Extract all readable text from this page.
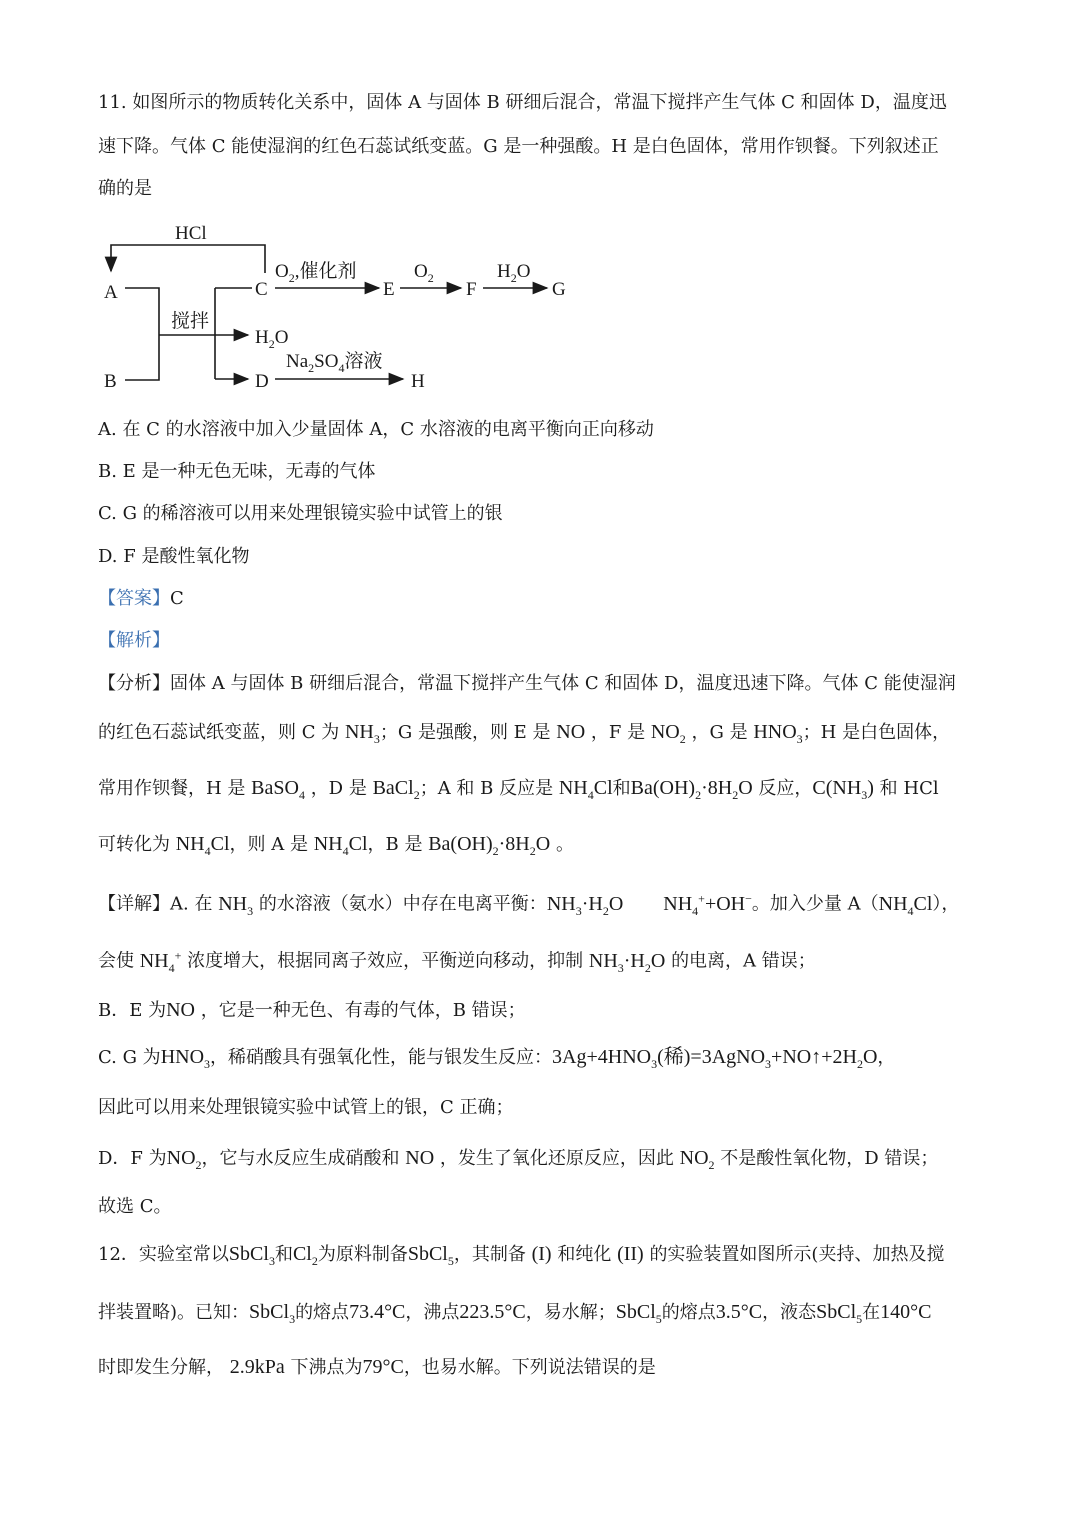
11. 如图所示的物质转化关系中，固体 A 与固体 B 研细后混合，常温下搅拌产生气体 C 和固体 D，温度迅
速下降。气体 C 能使湿润的红色石蕊试纸变蓝。G 是一种强酸。H 是白色固体，常用作钡餐。下列叙述正
确的是
HCl
A
B
搅拌
C
$O_2$,催化剂
E
$O_2$
F
$H_2O$
G
$H_2O$
D
$Na_2SO_4$溶液
H
A. 在 C 的水溶液中加入少量固体 A，C 水溶液的电离平衡向正向移动
B. E 是一种无色无味，无毒的气体
C. G 的稀溶液可以用来处理银镜实验中试管上的银
D. F 是酸性氧化物
【答案】C
【解析】
【分析】固体 A 与固体 B 研细后混合，常温下搅拌产生气体 C 和固体 D，温度迅速下降。气体 C 能使湿润
的红色石蕊试纸变蓝，则 C 为 $NH_3$；G 是强酸，则 E 是 NO ，F 是 $NO_2$ ，G 是 $HNO_3$；H 是白色固体，
常用作钡餐，H 是 BaSO$_4$ ，D 是 BaCl$_2$；A 和 B 反应是 $NH_4Cl$和$Ba(OH)_2\cdot 8H_2O$ 反应，$C(NH_3)$ 和 HCl
可转化为 $NH_4Cl$，则 A 是 $NH_4Cl$，B 是 $Ba(OH)_2\cdot 8H_2O$ 。
【详解】A. 在 $NH_3$ 的水溶液（氨水）中存在电离平衡：$NH_3\cdot H_2O$        $NH_4^++OH^-$。加入少量 $A(NH_4Cl)$，
会使 $NH_4^+$ 浓度增大，根据同离子效应，平衡逆向移动，抑制 $NH_3\cdot H_2O$ 的电离，A 错误；
B．E 为NO ，它是一种无色、有毒的气体，B 错误；
C. G 为$HNO_3$，稀硝酸具有强氧化性，能与银发生反应：$3Ag+4HNO_3$(稀)$=3AgNO_3+NO↑+2H_2O$，
因此可以用来处理银镜实验中试管上的银，C 正确；
D．F 为$NO_2$，它与水反应生成硝酸和 NO ，发生了氧化还原反应，因此 $NO_2$ 不是酸性氧化物，D 错误；
故选 C。
12．实验室常以SbCl$_3$和$Cl_2$为原料制备SbCl$_5$，其制备 (I) 和纯化 (II) 的实验装置如图所示(夹持、加热及搅
拌装置略)。已知：SbCl$_3$的熔点73.4°C，沸点223.5°C，易水解；SbCl$_5$的熔点3.5°C，液态SbCl$_5$在140°C
时即发生分解， 2.9kPa 下沸点为79°C，也易水解。下列说法错误的是
